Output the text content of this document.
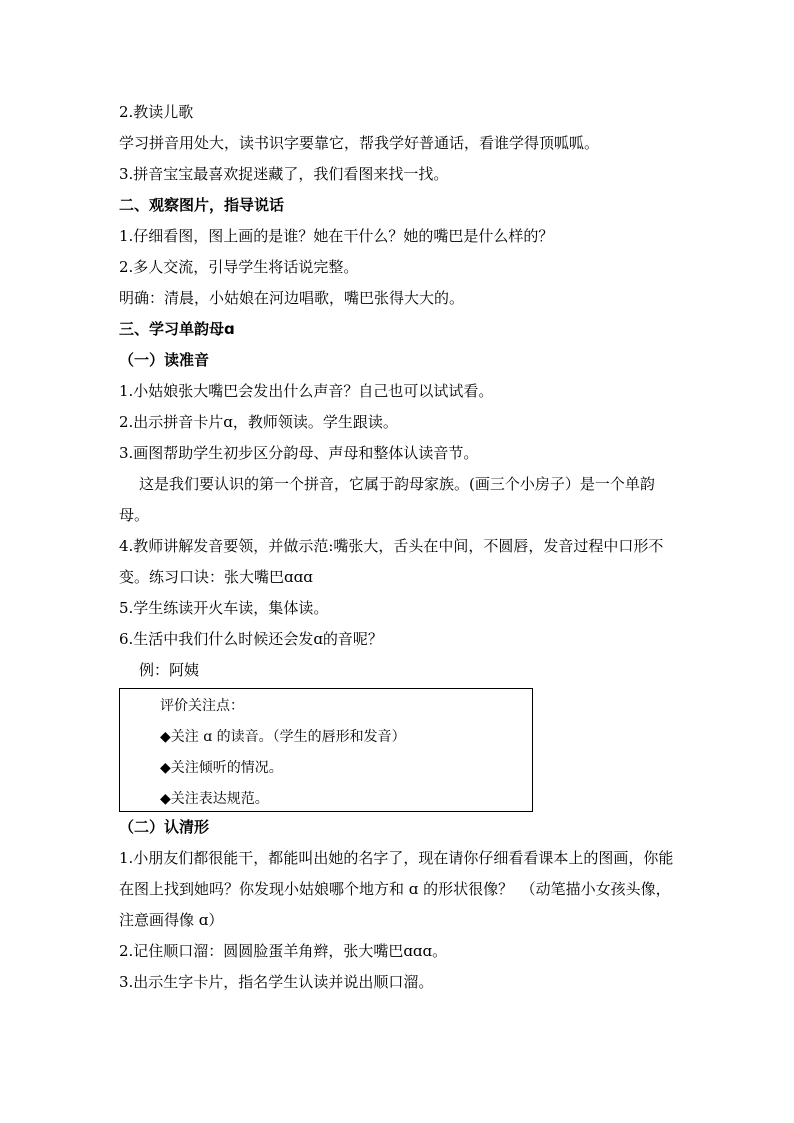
2.教读儿歌
学习拼音用处大，读书识字要靠它，帮我学好普通话，看谁学得顶呱呱。
3.拼音宝宝最喜欢捉迷藏了，我们看图来找一找。
二、观察图片，指导说话
1.仔细看图，图上画的是谁？她在干什么？她的嘴巴是什么样的？
2.多人交流，引导学生将话说完整。
明确：清晨，小姑娘在河边唱歌，嘴巴张得大大的。
三、学习单韵母ɑ
（一）读准音
1.小姑娘张大嘴巴会发出什么声音？自己也可以试试看。
2.出示拼音卡片ɑ，教师领读。学生跟读。
3.画图帮助学生初步区分韵母、声母和整体认读音节。
这是我们要认识的第一个拼音，它属于韵母家族。(画三个小房子）是一个单韵母。
4.教师讲解发音要领，并做示范:嘴张大，舌头在中间，不圆唇，发音过程中口形不变。练习口诀：张大嘴巴ɑɑɑ
5.学生练读开火车读，集体读。
6.生活中我们什么时候还会发ɑ的音呢？
例：阿姨
评价关注点：
◆关注 ɑ 的读音。（学生的唇形和发音）
◆关注倾听的情况。
◆关注表达规范。
（二）认清形
1.小朋友们都很能干，都能叫出她的名字了，现在请你仔细看看课本上的图画，你能在图上找到她吗？你发现小姑娘哪个地方和 ɑ 的形状很像？　（动笔描小女孩头像，注意画得像 ɑ）
2.记住顺口溜：圆圆脸蛋羊角辫，张大嘴巴ɑɑɑ。
3.出示生字卡片，指名学生认读并说出顺口溜。
